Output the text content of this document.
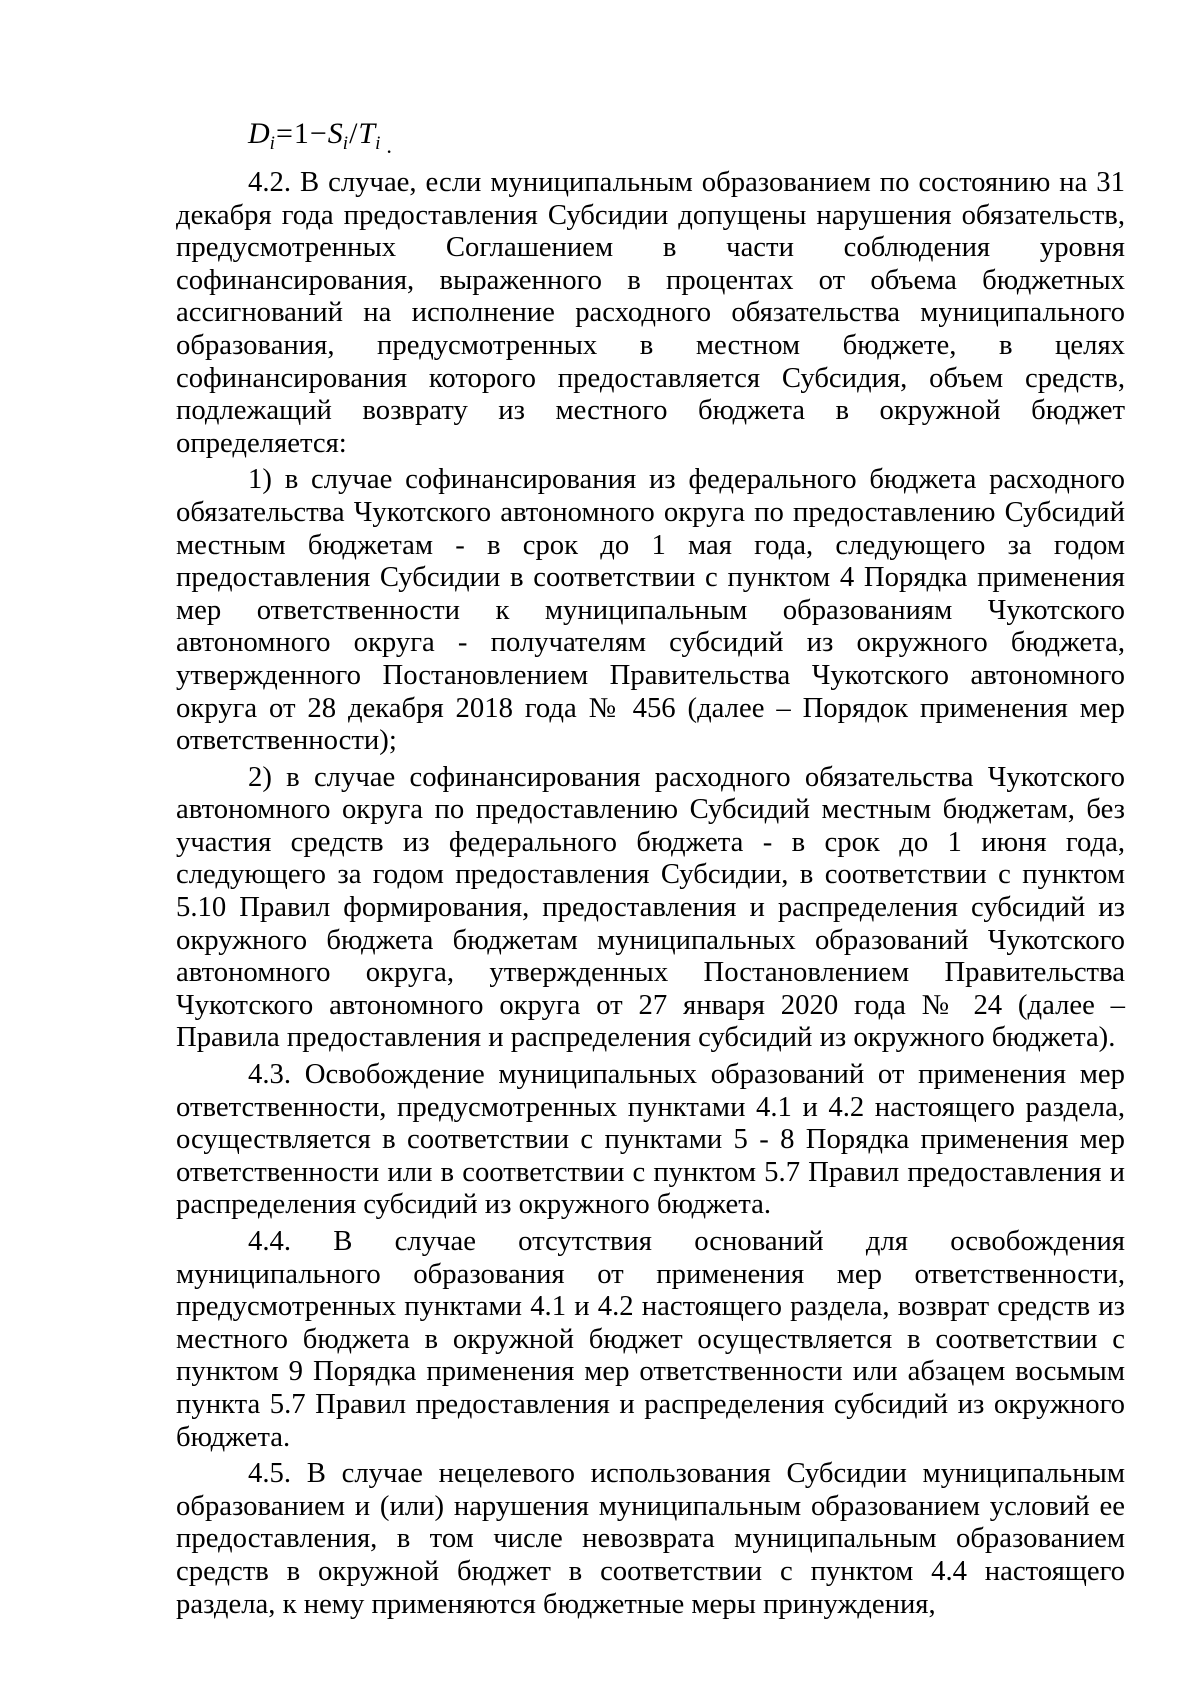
$D_i=1-S_i/T_i$ .

4.2. В случае, если муниципальным образованием по состоянию на 31 декабря года предоставления Субсидии допущены нарушения обязательств, предусмотренных Соглашением в части соблюдения уровня софинансирования, выраженного в процентах от объема бюджетных ассигнований на исполнение расходного обязательства муниципального образования, предусмотренных в местном бюджете, в целях софинансирования которого предоставляется Субсидия, объем средств, подлежащий возврату из местного бюджета в окружной бюджет определяется:

1) в случае софинансирования из федерального бюджета расходного обязательства Чукотского автономного округа по предоставлению Субсидий местным бюджетам - в срок до 1 мая года, следующего за годом предоставления Субсидии в соответствии с пунктом 4 Порядка применения мер ответственности к муниципальным образованиям Чукотского автономного округа - получателям субсидий из окружного бюджета, утвержденного Постановлением Правительства Чукотского автономного округа от 28 декабря 2018 года № 456 (далее – Порядок применения мер ответственности);

2) в случае софинансирования расходного обязательства Чукотского автономного округа по предоставлению Субсидий местным бюджетам, без участия средств из федерального бюджета - в срок до 1 июня года, следующего за годом предоставления Субсидии, в соответствии с пунктом 5.10 Правил формирования, предоставления и распределения субсидий из окружного бюджета бюджетам муниципальных образований Чукотского автономного округа, утвержденных Постановлением Правительства Чукотского автономного округа от 27 января 2020 года № 24 (далее – Правила предоставления и распределения субсидий из окружного бюджета).

4.3. Освобождение муниципальных образований от применения мер ответственности, предусмотренных пунктами 4.1 и 4.2 настоящего раздела, осуществляется в соответствии с пунктами 5 - 8 Порядка применения мер ответственности или в соответствии с пунктом 5.7 Правил предоставления и распределения субсидий из окружного бюджета.

4.4. В случае отсутствия оснований для освобождения муниципального образования от применения мер ответственности, предусмотренных пунктами 4.1 и 4.2 настоящего раздела, возврат средств из местного бюджета в окружной бюджет осуществляется в соответствии с пунктом 9 Порядка применения мер ответственности или абзацем восьмым пункта 5.7 Правил предоставления и распределения субсидий из окружного бюджета.

4.5. В случае нецелевого использования Субсидии муниципальным образованием и (или) нарушения муниципальным образованием условий ее предоставления, в том числе невозврата муниципальным образованием средств в окружной бюджет в соответствии с пунктом 4.4 настоящего раздела, к нему применяются бюджетные меры принуждения,
